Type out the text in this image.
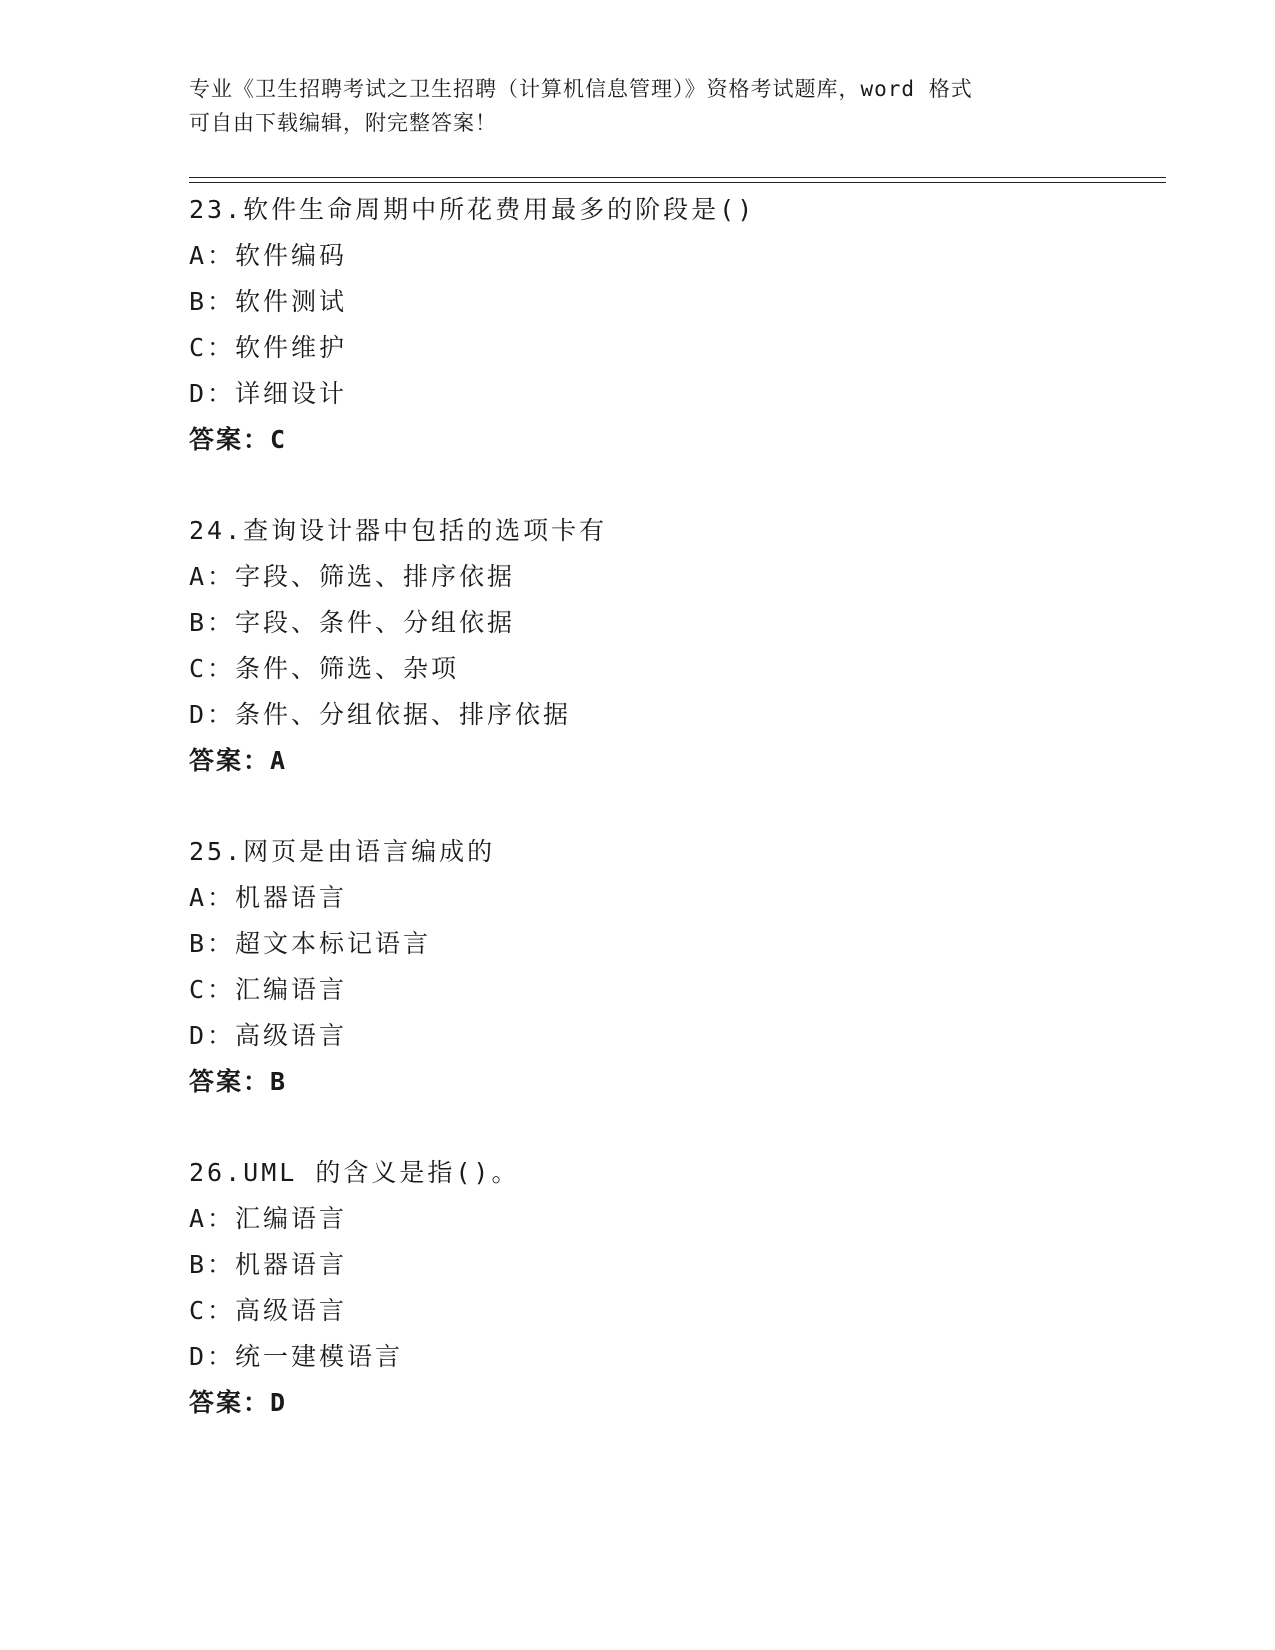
专业《卫生招聘考试之卫生招聘（计算机信息管理）》资格考试题库，word 格式
可自由下载编辑，附完整答案！
23.软件生命周期中所花费用最多的阶段是()
A：软件编码
B：软件测试
C：软件维护
D：详细设计
答案：C
24.查询设计器中包括的选项卡有
A：字段、筛选、排序依据
B：字段、条件、分组依据
C：条件、筛选、杂项
D：条件、分组依据、排序依据
答案：A
25.网页是由语言编成的
A：机器语言
B：超文本标记语言
C：汇编语言
D：高级语言
答案：B
26.UML 的含义是指()。
A：汇编语言
B：机器语言
C：高级语言
D：统一建模语言
答案：D
